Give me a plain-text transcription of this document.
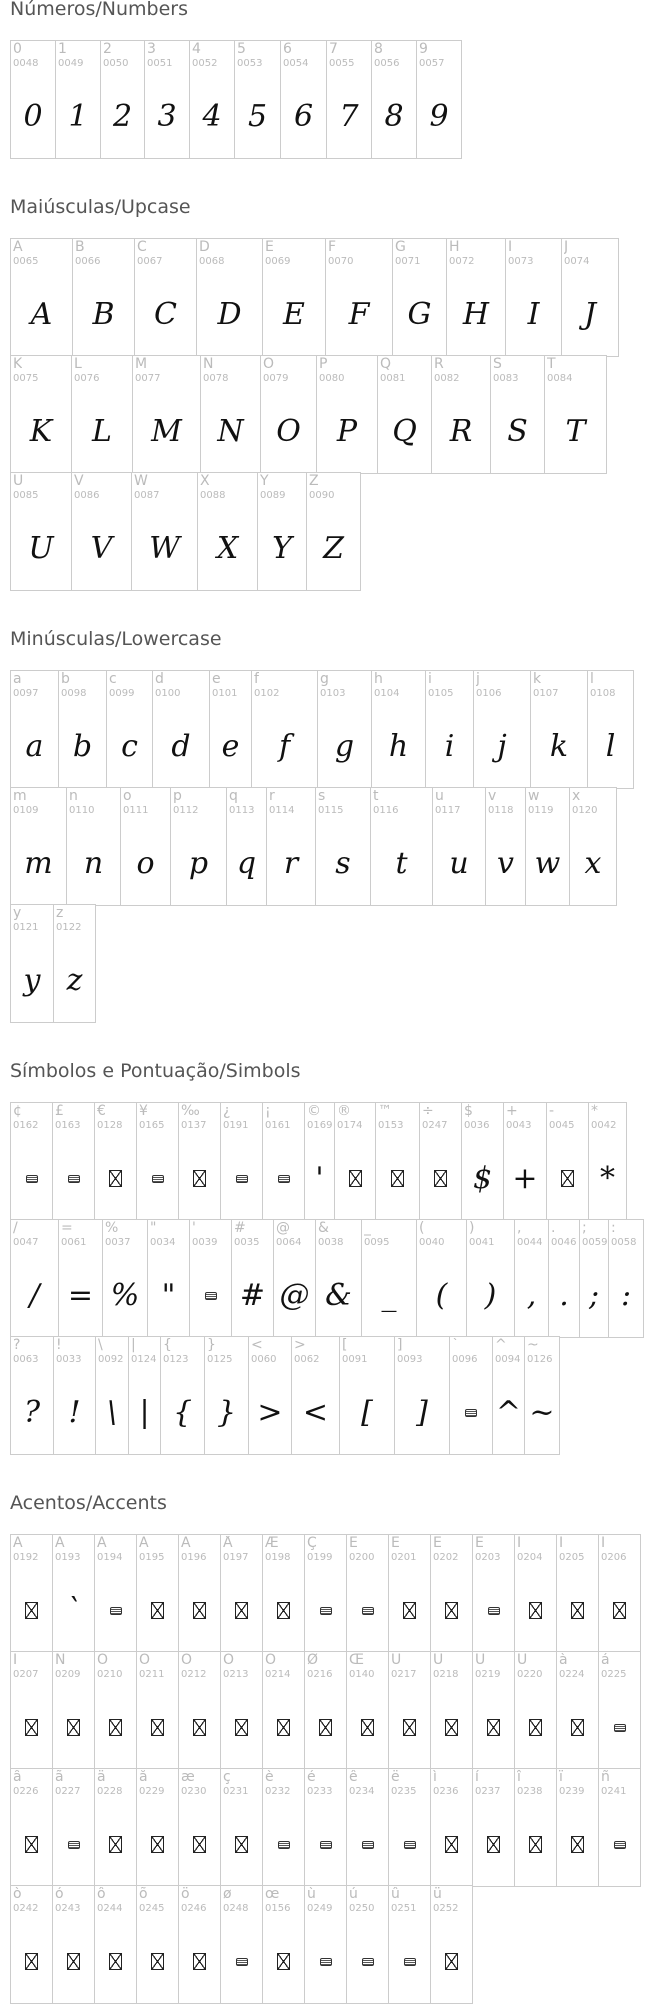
Números/Numbers
Maiúsculas/Upcase
Minúsculas/Lowercase
Símbolos e Pontuação/Simbols
Acentos/Accents
0
0048
0
1
0049
1
2
0050
2
3
0051
3
4
0052
4
5
0053
5
6
0054
6
7
0055
7
8
0056
8
9
0057
9
A
0065
A
B
0066
B
C
0067
C
D
0068
D
E
0069
E
F
0070
F
G
0071
G
H
0072
H
I
0073
I
J
0074
J
K
0075
K
L
0076
L
M
0077
M
N
0078
N
O
0079
O
P
0080
P
Q
0081
Q
R
0082
R
S
0083
S
T
0084
T
U
0085
U
V
0086
V
W
0087
W
X
0088
X
Y
0089
Y
Z
0090
Z
a
0097
a
b
0098
b
c
0099
c
d
0100
d
e
0101
e
f
0102
f
g
0103
g
h
0104
h
i
0105
i
j
0106
j
k
0107
k
l
0108
l
m
0109
m
n
0110
n
o
0111
o
p
0112
p
q
0113
q
r
0114
r
s
0115
s
t
0116
t
u
0117
u
v
0118
v
w
0119
w
x
0120
x
y
0121
y
z
0122
z
¢
0162
£
0163
€
0128
¥
0165
‰
0137
¿
0191
¡
0161
©
0169
'
®
0174
™
0153
÷
0247
$
0036
$
+
0043
+
-
0045
*
0042
*
/
0047
/
=
0061
=
%
0037
%
"
0034
"
'
0039
#
0035
#
@
0064
@
&
0038
&
_
0095
_
(
0040
(
)
0041
)
,
0044
,
.
0046
.
;
0059
;
:
0058
:
?
0063
?
!
0033
!
\
0092
\
|
0124
|
{
0123
{
}
0125
}
<
0060
>
>
0062
<
[
0091
[
]
0093
]
`
0096
^
0094
^
~
0126
~
À
0192
Á
0193
`
Â
0194
Ã
0195
Ä
0196
Å
0197
Æ
0198
Ç
0199
È
0200
É
0201
Ê
0202
Ë
0203
Ì
0204
Í
0205
Î
0206
Ï
0207
Ñ
0209
Ò
0210
Ó
0211
Ô
0212
Õ
0213
Ö
0214
Ø
0216
Œ
0140
Ù
0217
Ú
0218
Û
0219
Ü
0220
à
0224
á
0225
â
0226
ã
0227
ä
0228
å
0229
æ
0230
ç
0231
è
0232
é
0233
ê
0234
ë
0235
ì
0236
í
0237
î
0238
ï
0239
ñ
0241
ò
0242
ó
0243
ô
0244
õ
0245
ö
0246
ø
0248
œ
0156
ù
0249
ú
0250
û
0251
ü
0252
